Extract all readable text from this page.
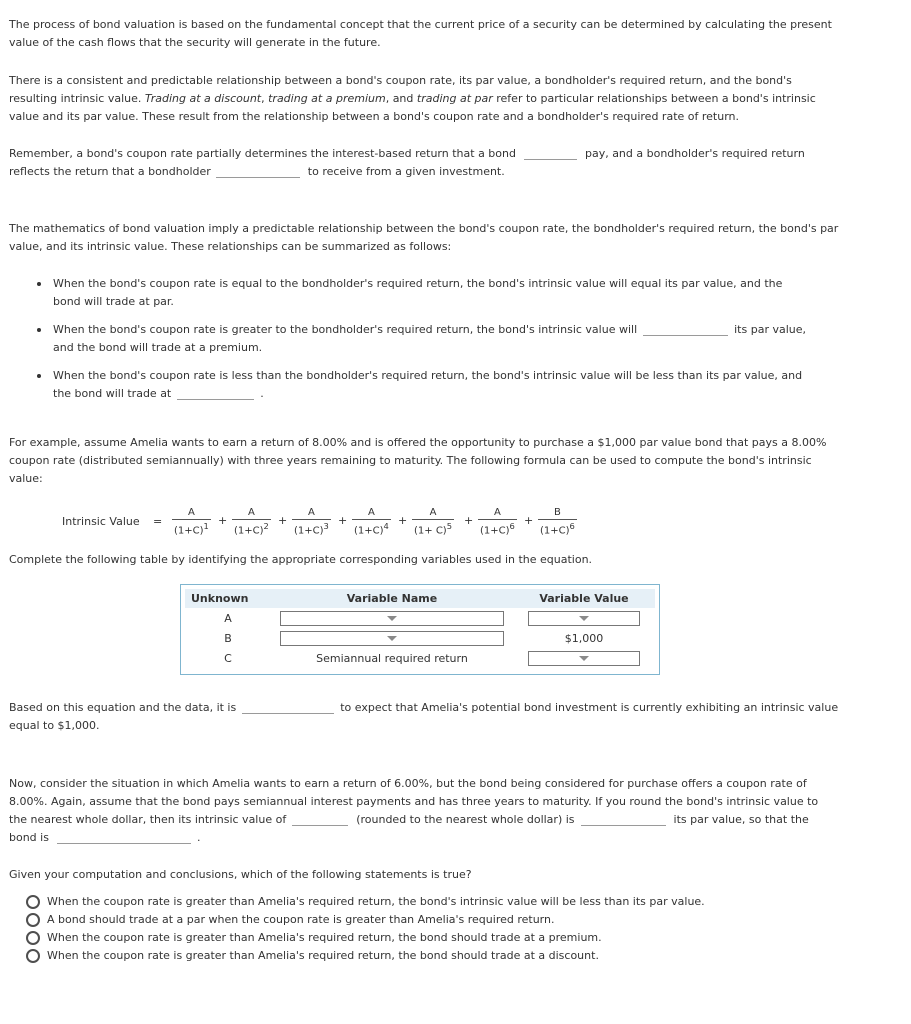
The process of bond valuation is based on the fundamental concept that the current price of a security can be determined by calculating the present value of the cash flows that the security will generate in the future.

There is a consistent and predictable relationship between a bond's coupon rate, its par value, a bondholder's required return, and the bond's resulting intrinsic value. Trading at a discount, trading at a premium, and trading at par refer to particular relationships between a bond's intrinsic value and its par value. These result from the relationship between a bond's coupon rate and a bondholder's required rate of return.

Remember, a bond's coupon rate partially determines the interest-based return that a bond	pay, and a bondholder's required return reflects the return that a bondholder	to receive from a given investment.

The mathematics of bond valuation imply a predictable relationship between the bond's coupon rate, the bondholder's required return, the bond's par value, and its intrinsic value. These relationships can be summarized as follows:

When the bond's coupon rate is equal to the bondholder's required return, the bond's intrinsic value will equal its par value, and the bond will trade at par.
When the bond's coupon rate is greater to the bondholder's required return, the bond's intrinsic value will	its par value, and the bond will trade at a premium.
When the bond's coupon rate is less than the bondholder's required return, the bond's intrinsic value will be less than its par value, and the bond will trade at	.

For example, assume Amelia wants to earn a return of 8.00% and is offered the opportunity to purchase a $1,000 par value bond that pays a 8.00% coupon rate (distributed semiannually) with three years remaining to maturity. The following formula can be used to compute the bond's intrinsic value:

Intrinsic Value = $\frac{A}{(1+C)^1} + \frac{A}{(1+C)^2} + \frac{A}{(1+C)^3} + \frac{A}{(1+C)^4} + \frac{A}{(1+ C)^5} + \frac{A}{(1+C)^6} + \frac{B}{(1+C)^6}$

Complete the following table by identifying the appropriate corresponding variables used in the equation.

Unknown	Variable Name	Variable Value
A	

B		$1,000
C	Semiannual required return	

Based on this equation and the data, it is	to expect that Amelia's potential bond investment is currently exhibiting an intrinsic value equal to $1,000.

Now, consider the situation in which Amelia wants to earn a return of 6.00%, but the bond being considered for purchase offers a coupon rate of 8.00%. Again, assume that the bond pays semiannual interest payments and has three years to maturity. If you round the bond's intrinsic value to the nearest whole dollar, then its intrinsic value of	(rounded to the nearest whole dollar) is	its par value, so that the bond is	.

Given your computation and conclusions, which of the following statements is true?

When the coupon rate is greater than Amelia's required return, the bond's intrinsic value will be less than its par value.
A bond should trade at a par when the coupon rate is greater than Amelia's required return.
When the coupon rate is greater than Amelia's required return, the bond should trade at a premium.
When the coupon rate is greater than Amelia's required return, the bond should trade at a discount.
